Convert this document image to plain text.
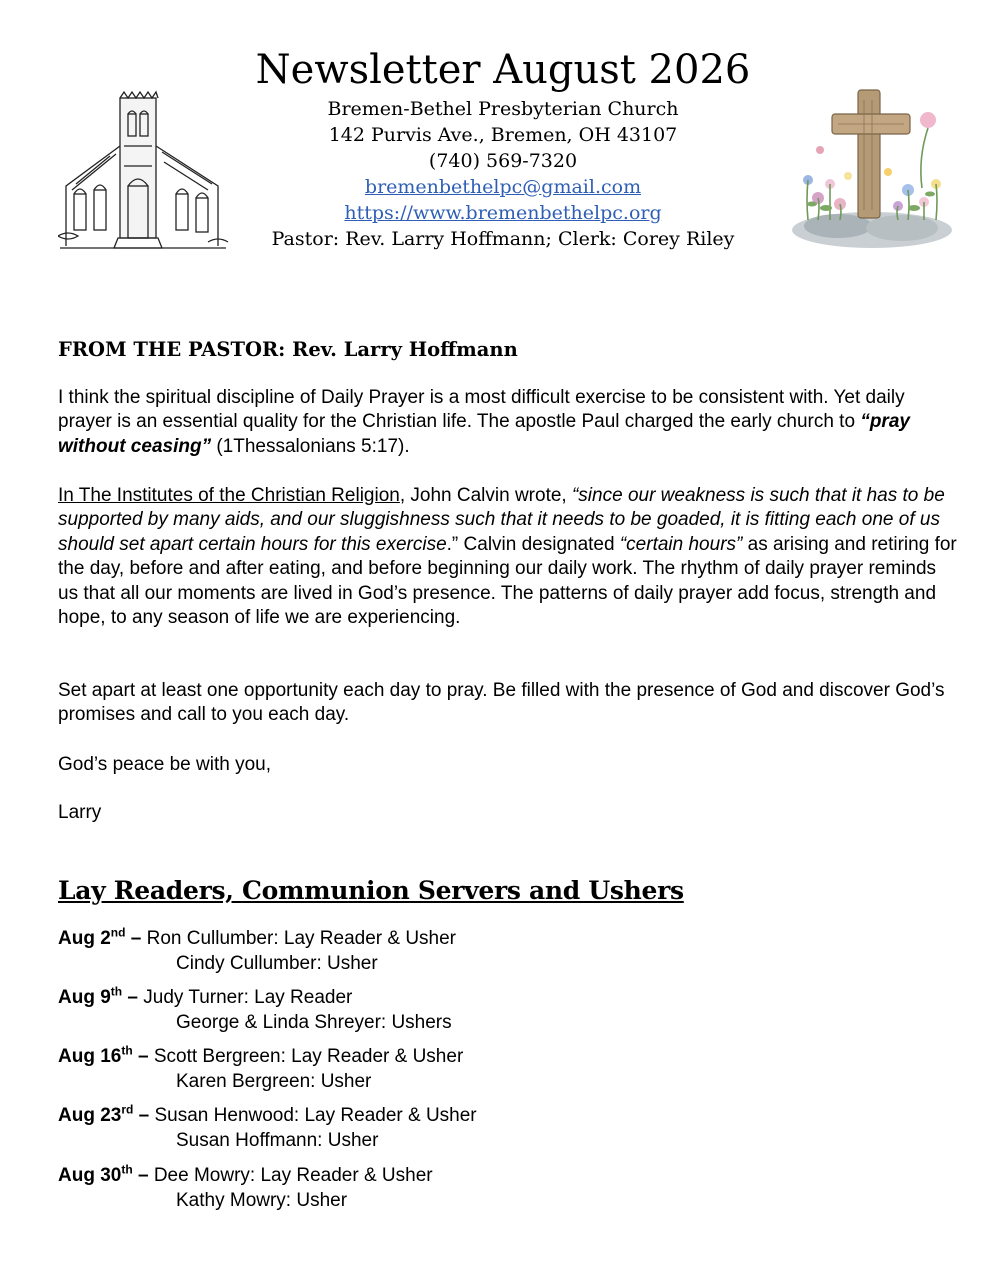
Newsletter August 2026
Bremen-Bethel Presbyterian Church
142 Purvis Ave., Bremen, OH 43107
(740) 569-7320
bremenbethelpc@gmail.com
https://www.bremenbethelpc.org
Pastor: Rev. Larry Hoffmann; Clerk: Corey Riley
FROM THE PASTOR: Rev. Larry Hoffmann

I think the spiritual discipline of Daily Prayer is a most difficult exercise to be consistent with. Yet daily prayer is an essential quality for the Christian life. The apostle Paul charged the early church to “pray without ceasing” (1Thessalonians 5:17).

In The Institutes of the Christian Religion, John Calvin wrote, “since our weakness is such that it has to be supported by many aids, and our sluggishness such that it needs to be goaded, it is fitting each one of us should set apart certain hours for this exercise.” Calvin designated “certain hours” as arising and retiring for the day, before and after eating, and before beginning our daily work. The rhythm of daily prayer reminds us that all our moments are lived in God’s presence. The patterns of daily prayer add focus, strength and hope, to any season of life we are experiencing.

Set apart at least one opportunity each day to pray. Be filled with the presence of God and discover God’s promises and call to you each day.

God’s peace be with you,
Larry
Lay Readers, Communion Servers and Ushers
Aug 2nd – Ron Cullumber: Lay Reader & Usher
Cindy Cullumber: Usher
Aug 9th – Judy Turner: Lay Reader
George & Linda Shreyer: Ushers
Aug 16th – Scott Bergreen: Lay Reader & Usher
Karen Bergreen: Usher
Aug 23rd – Susan Henwood: Lay Reader & Usher
Susan Hoffmann: Usher
Aug 30th – Dee Mowry: Lay Reader & Usher
Kathy Mowry: Usher
